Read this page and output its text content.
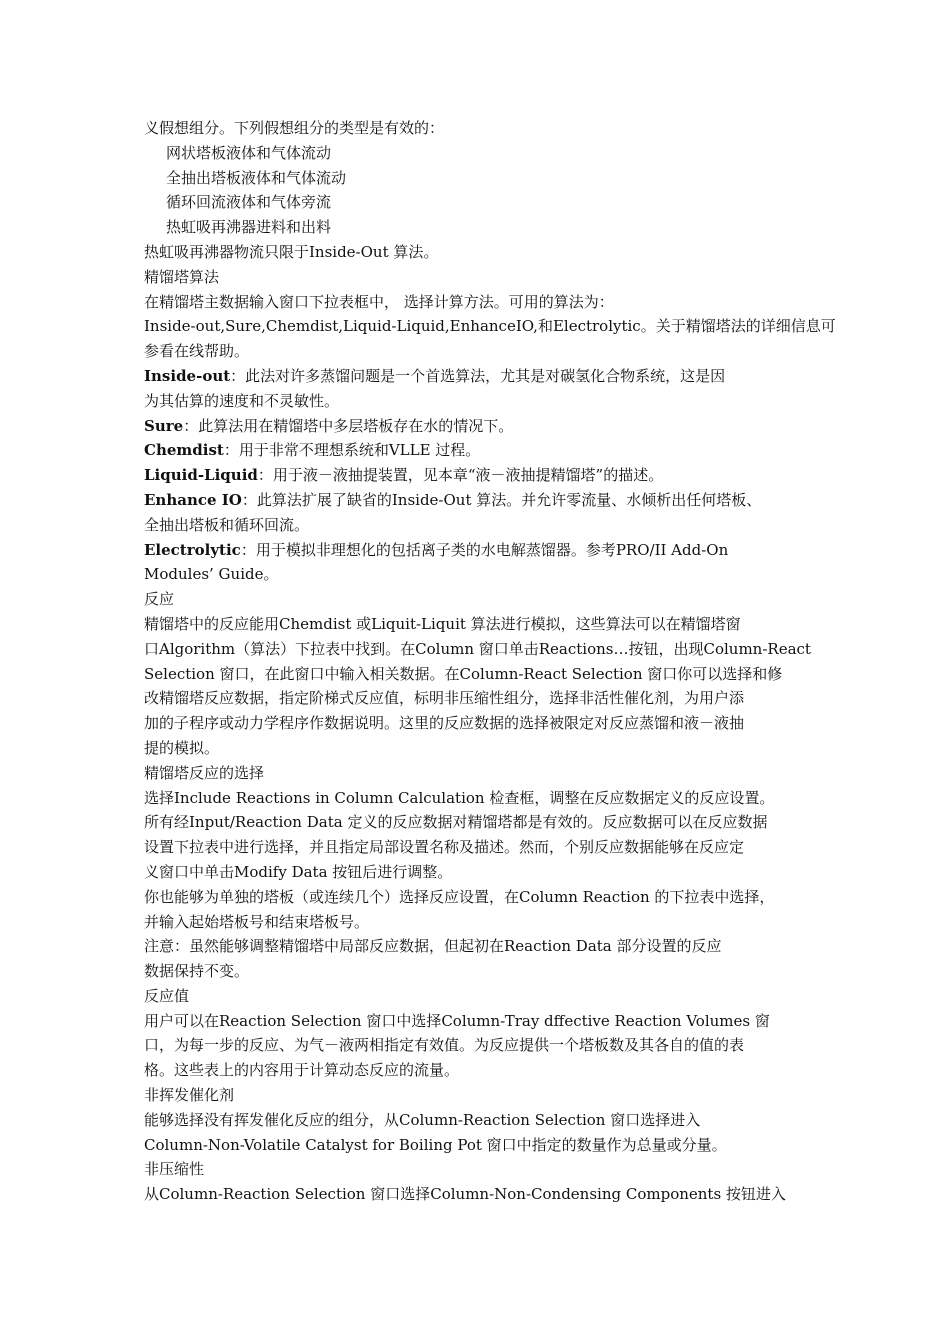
义假想组分。下列假想组分的类型是有效的：
网状塔板液体和气体流动
全抽出塔板液体和气体流动
循环回流液体和气体旁流
热虹吸再沸器进料和出料
热虹吸再沸器物流只限于Inside-Out 算法。
精馏塔算法
在精馏塔主数据输入窗口下拉表框中， 选择计算方法。可用的算法为：
Inside-out,Sure,Chemdist,Liquid-Liquid,EnhanceIO,和Electrolytic。关于精馏塔法的详细信息可
参看在线帮助。
Inside-out：此法对许多蒸馏问题是一个首选算法，尤其是对碳氢化合物系统，这是因
为其估算的速度和不灵敏性。
Sure：此算法用在精馏塔中多层塔板存在水的情况下。
Chemdist：用于非常不理想系统和VLLE 过程。
Liquid-Liquid：用于液－液抽提装置，见本章“液－液抽提精馏塔”的描述。
Enhance IO：此算法扩展了缺省的Inside-Out 算法。并允许零流量、水倾析出任何塔板、
全抽出塔板和循环回流。
Electrolytic：用于模拟非理想化的包括离子类的水电解蒸馏器。参考PRO/II Add-On
Modules’ Guide。
反应
精馏塔中的反应能用Chemdist 或Liquit-Liquit 算法进行模拟，这些算法可以在精馏塔窗
口Algorithm（算法）下拉表中找到。在Column 窗口单击Reactions…按钮，出现Column-React
Selection 窗口，在此窗口中输入相关数据。在Column-React Selection 窗口你可以选择和修
改精馏塔反应数据，指定阶梯式反应值，标明非压缩性组分，选择非活性催化剂，为用户添
加的子程序或动力学程序作数据说明。这里的反应数据的选择被限定对反应蒸馏和液－液抽
提的模拟。
精馏塔反应的选择
选择Include Reactions in Column Calculation 检查框，调整在反应数据定义的反应设置。
所有经Input/Reaction Data 定义的反应数据对精馏塔都是有效的。反应数据可以在反应数据
设置下拉表中进行选择，并且指定局部设置名称及描述。然而，个别反应数据能够在反应定
义窗口中单击Modify Data 按钮后进行调整。
你也能够为单独的塔板（或连续几个）选择反应设置，在Column Reaction 的下拉表中选择，
并输入起始塔板号和结束塔板号。
注意：虽然能够调整精馏塔中局部反应数据，但起初在Reaction Data 部分设置的反应
数据保持不变。
反应值
用户可以在Reaction Selection 窗口中选择Column-Tray dffective Reaction Volumes 窗
口，为每一步的反应、为气－液两相指定有效值。为反应提供一个塔板数及其各自的值的表
格。这些表上的内容用于计算动态反应的流量。
非挥发催化剂
能够选择没有挥发催化反应的组分，从Column-Reaction Selection 窗口选择进入
Column-Non-Volatile Catalyst for Boiling Pot 窗口中指定的数量作为总量或分量。
非压缩性
从Column-Reaction Selection 窗口选择Column-Non-Condensing Components 按钮进入
